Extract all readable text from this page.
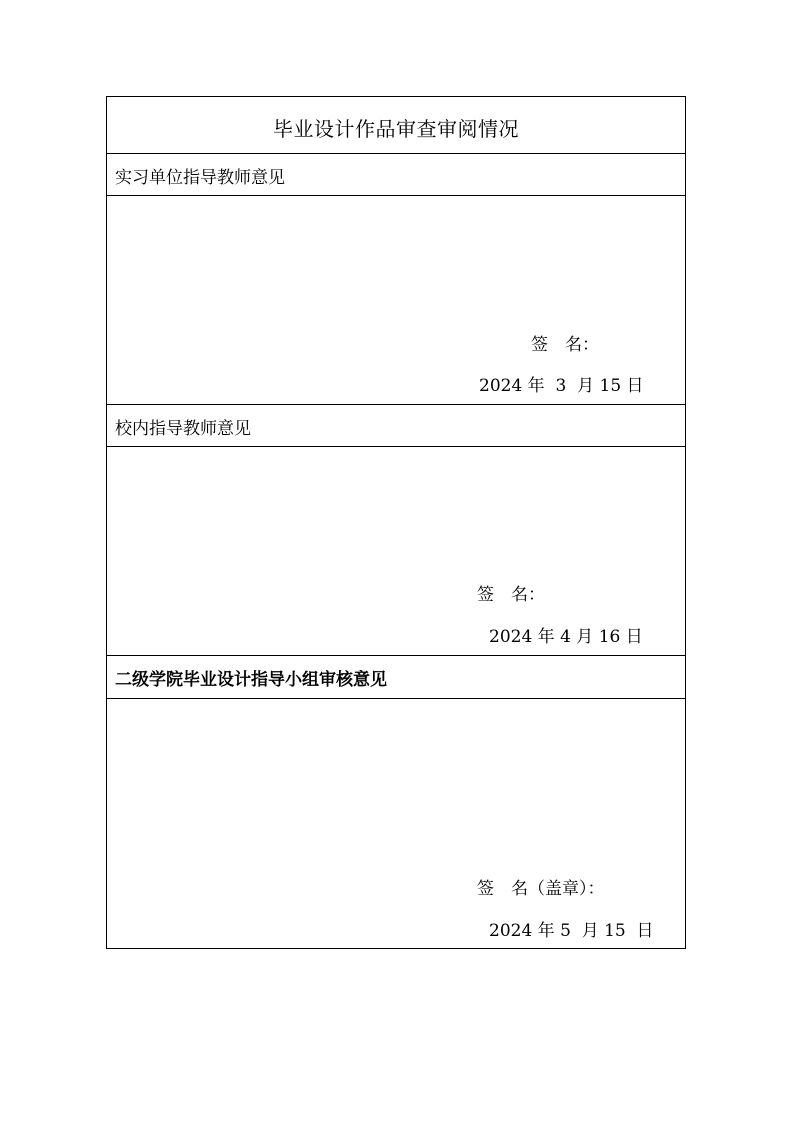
毕业设计作品审查审阅情况
实习单位指导教师意见
签　名：
2024 年  3  月 15 日
校内指导教师意见
签　名：
2024 年 4 月 16 日
二级学院毕业设计指导小组审核意见
签　名（盖章）：
2024 年 5  月 15  日
